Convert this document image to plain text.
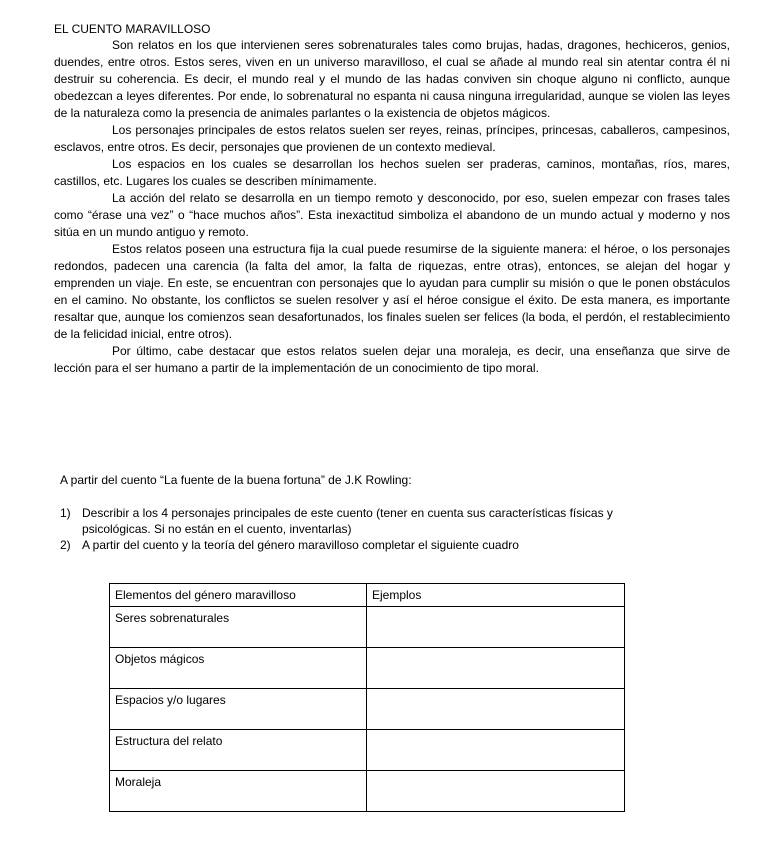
EL CUENTO MARAVILLOSO

Son relatos en los que intervienen seres sobrenaturales tales como brujas, hadas, dragones, hechiceros, genios, duendes, entre otros. Estos seres, viven en un universo maravilloso, el cual se añade al mundo real sin atentar contra él ni destruir su coherencia. Es decir, el mundo real y el mundo de las hadas conviven sin choque alguno ni conflicto, aunque obedezcan a leyes diferentes. Por ende, lo sobrenatural no espanta ni causa ninguna irregularidad, aunque se violen las leyes de la naturaleza como la presencia de animales parlantes o la existencia de objetos mágicos.

Los personajes principales de estos relatos suelen ser reyes, reinas, príncipes, princesas, caballeros, campesinos, esclavos, entre otros. Es decir, personajes que provienen de un contexto medieval.

Los espacios en los cuales se desarrollan los hechos suelen ser praderas, caminos, montañas, ríos, mares, castillos, etc. Lugares los cuales se describen mínimamente.

La acción del relato se desarrolla en un tiempo remoto y desconocido, por eso, suelen empezar con frases tales como “érase una vez” o “hace muchos años”. Esta inexactitud simboliza el abandono de un mundo actual y moderno y nos sitúa en un mundo antiguo y remoto.

Estos relatos poseen una estructura fija la cual puede resumirse de la siguiente manera: el héroe, o los personajes redondos, padecen una carencia (la falta del amor, la falta de riquezas, entre otras), entonces, se alejan del hogar y emprenden un viaje. En este, se encuentran con personajes que lo ayudan para cumplir su misión o que le ponen obstáculos en el camino. No obstante, los conflictos se suelen resolver y así el héroe consigue el éxito. De esta manera, es importante resaltar que, aunque los comienzos sean desafortunados, los finales suelen ser felices (la boda, el perdón, el restablecimiento de la felicidad inicial, entre otros).

Por último, cabe destacar que estos relatos suelen dejar una moraleja, es decir, una enseñanza que sirve de lección para el ser humano a partir de la implementación de un conocimiento de tipo moral.

A partir del cuento “La fuente de la buena fortuna” de J.K Rowling:

1) Describir a los 4 personajes principales de este cuento (tener en cuenta sus características físicas y psicológicas. Si no están en el cuento, inventarlas)
2) A partir del cuento y la teoría del género maravilloso completar el siguiente cuadro
Elementos del género maravilloso	Ejemplos
Seres sobrenaturales	
Objetos mágicos	
Espacios y/o lugares	
Estructura del relato	
Moraleja	
